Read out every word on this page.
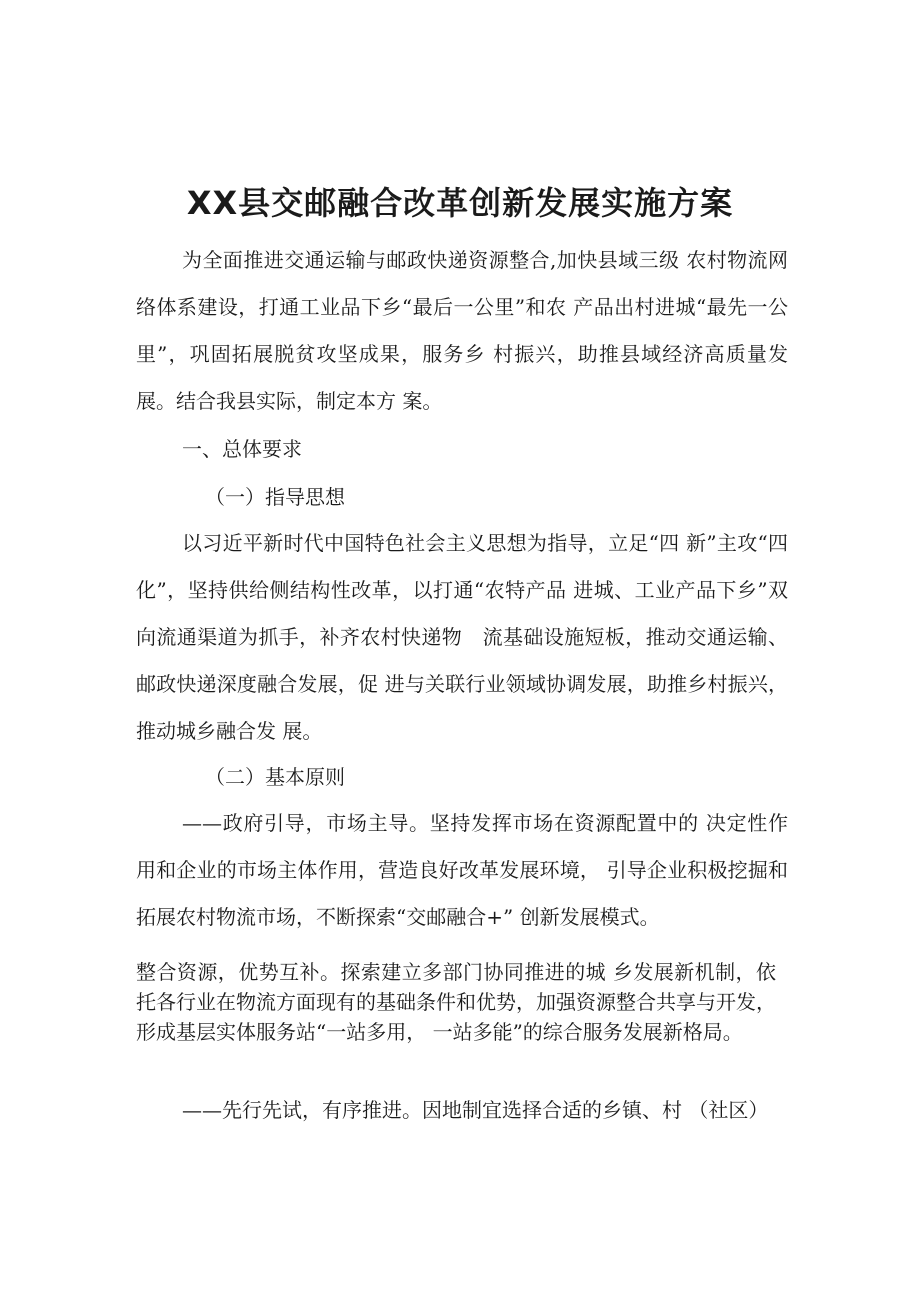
XX县交邮融合改革创新发展实施方案

为全面推进交通运输与邮政快递资源整合,加快县域三级 农村物流网络体系建设，打通工业品下乡“最后一公里”和农 产品出村进城“最先一公里”，巩固拓展脱贫攻坚成果，服务乡 村振兴，助推县域经济高质量发展。结合我县实际，制定本方 案。

一、总体要求

（一）指导思想

以习近平新时代中国特色社会主义思想为指导，立足“四 新”主攻“四化”，坚持供给侧结构性改革，以打通“农特产品 进城、工业产品下乡”双向流通渠道为抓手，补齐农村快递物　流基础设施短板，推动交通运输、邮政快递深度融合发展，促 进与关联行业领域协调发展，助推乡村振兴，推动城乡融合发 展。

（二）基本原则

——政府引导，市场主导。坚持发挥市场在资源配置中的 决定性作用和企业的市场主体作用，营造良好改革发展环境， 引导企业积极挖掘和拓展农村物流市场，不断探索“交邮融合+” 创新发展模式。

整合资源，优势互补。探索建立多部门协同推进的城 乡发展新机制，依托各行业在物流方面现有的基础条件和优势，加强资源整合共享与开发，形成基层实体服务站“一站多用， 一站多能”的综合服务发展新格局。

——先行先试，有序推进。因地制宜选择合适的乡镇、村 （社区）
